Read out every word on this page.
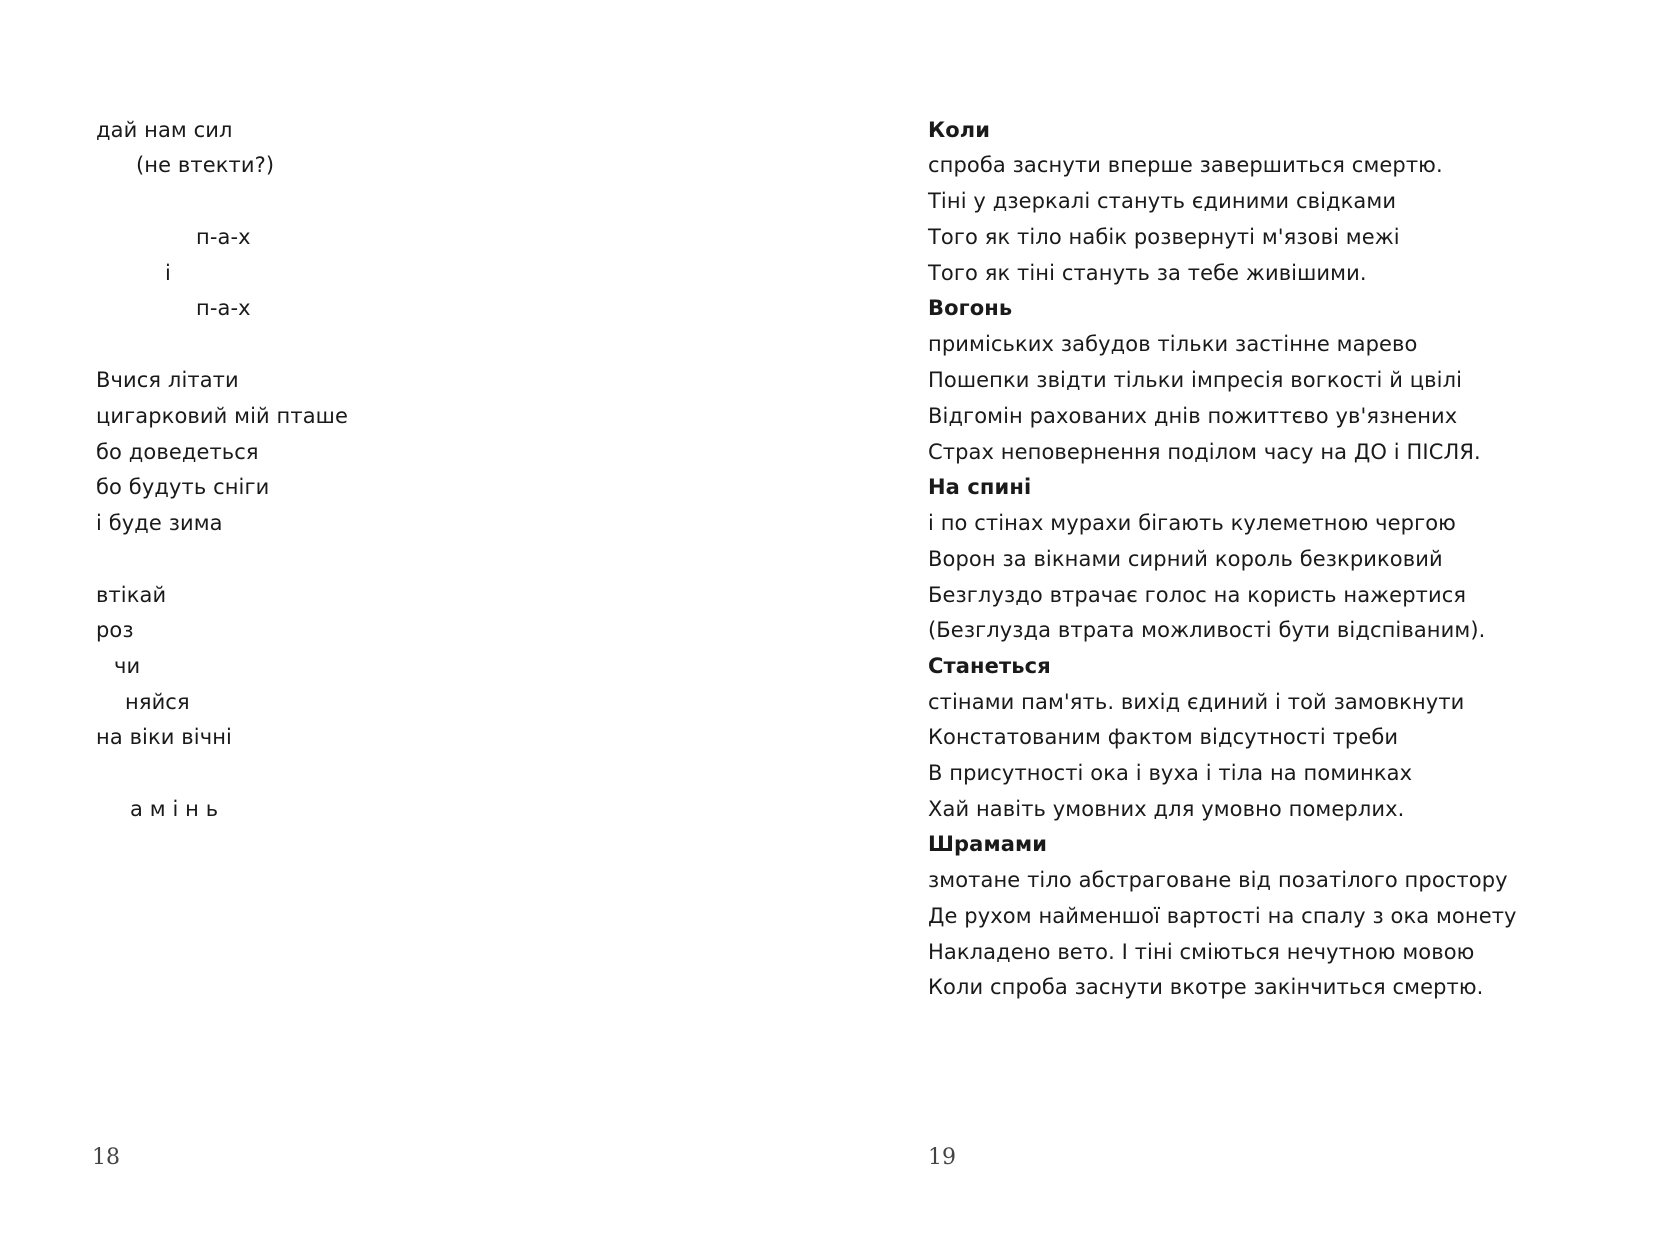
дай нам сил
(не втекти?)
п-а-х
і
п-а-х
Вчися літати
цигарковий мій пташе
бо доведеться
бо будуть сніги
і буде зима
втікай
роз
чи
няйся
на віки вічні
а м і н ь
18
Коли
спроба заснути вперше завершиться смертю.
Тіні у дзеркалі стануть єдиними свідками
Того як тіло набік розвернуті м'язові межі
Того як тіні стануть за тебе живішими.
Вогонь
приміських забудов тільки застінне марево
Пошепки звідти тільки імпресія вогкості й цвілі
Відгомін рахованих днів пожиттєво ув'язнених
Страх неповернення поділом часу на ДО і ПІСЛЯ.
На спині
і по стінах мурахи бігають кулеметною чергою
Ворон за вікнами сирний король безкриковий
Безглуздо втрачає голос на користь нажертися
(Безглузда втрата можливості бути відспіваним).
Станеться
стінами пам'ять. вихід єдиний і той замовкнути
Констатованим фактом відсутності треби
В присутності ока і вуха і тіла на поминках
Хай навіть умовних для умовно померлих.
Шрамами
змотане тіло абстраговане від позатілого простору
Де рухом найменшої вартості на спалу з ока монету
Накладено вето. І тіні сміються нечутною мовою
Коли спроба заснути вкотре закінчиться смертю.
19
